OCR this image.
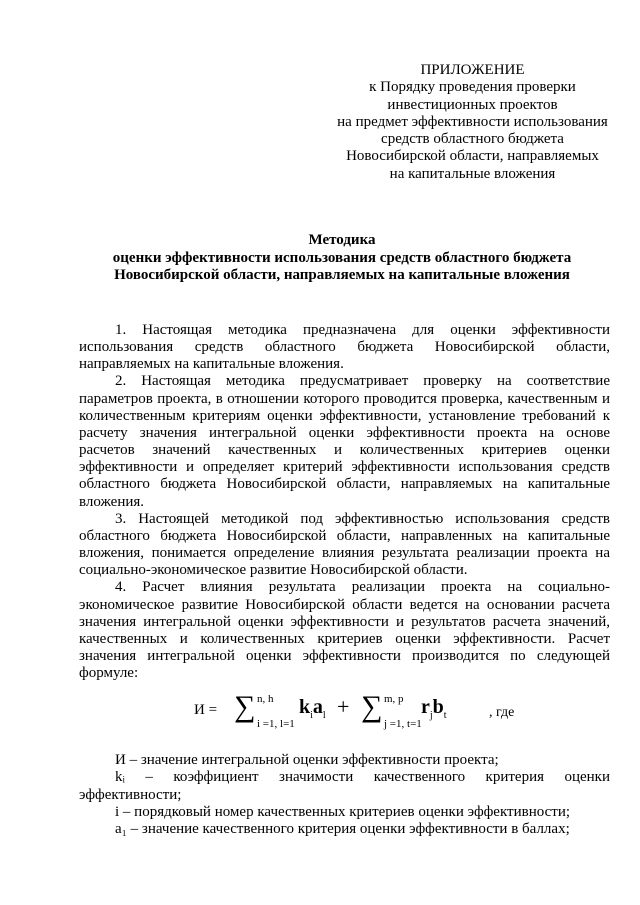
ПРИЛОЖЕНИЕ
к Порядку проведения проверки
инвестиционных проектов
на предмет эффективности использования
средств областного бюджета
Новосибирской области, направляемых
на капитальные вложения
Методика
оценки эффективности использования средств областного бюджета
Новосибирской области, направляемых на капитальные вложения

1. Настоящая методика предназначена для оценки эффективности использования средств областного бюджета Новосибирской области, направляемых на капитальные вложения.

2. Настоящая методика предусматривает проверку на соответствие параметров проекта, в отношении которого проводится проверка, качественным и количественным критериям оценки эффективности, установление требований к расчету значения интегральной оценки эффективности проекта на основе расчетов значений качественных и количественных критериев оценки эффективности и определяет критерий эффективности использования средств областного бюджета Новосибирской области, направляемых на капитальные вложения.

3. Настоящей методикой под эффективностью использования средств областного бюджета Новосибирской области, направленных на капитальные вложения, понимается определение влияния результата реализации проекта на социально-экономическое развитие Новосибирской области.

4. Расчет влияния результата реализации проекта на социально-экономическое развитие Новосибирской области ведется на основании расчета значения интегральной оценки эффективности и результатов расчета значений, качественных и количественных критериев оценки эффективности. Расчет значения интегральной оценки эффективности производится по следующей формуле:

И = ∑ n, h
i =1, l=1
$k_ia_l$ + ∑ m, p
j =1, t=1
$r_jb_t$	, где

И – значение интегральной оценки эффективности проекта;

kᵢ – коэффициент значимости качественного критерия оценки эффективности;

i – порядковый номер качественных критериев оценки эффективности;

a₁ – значение качественного критерия оценки эффективности в баллах;
